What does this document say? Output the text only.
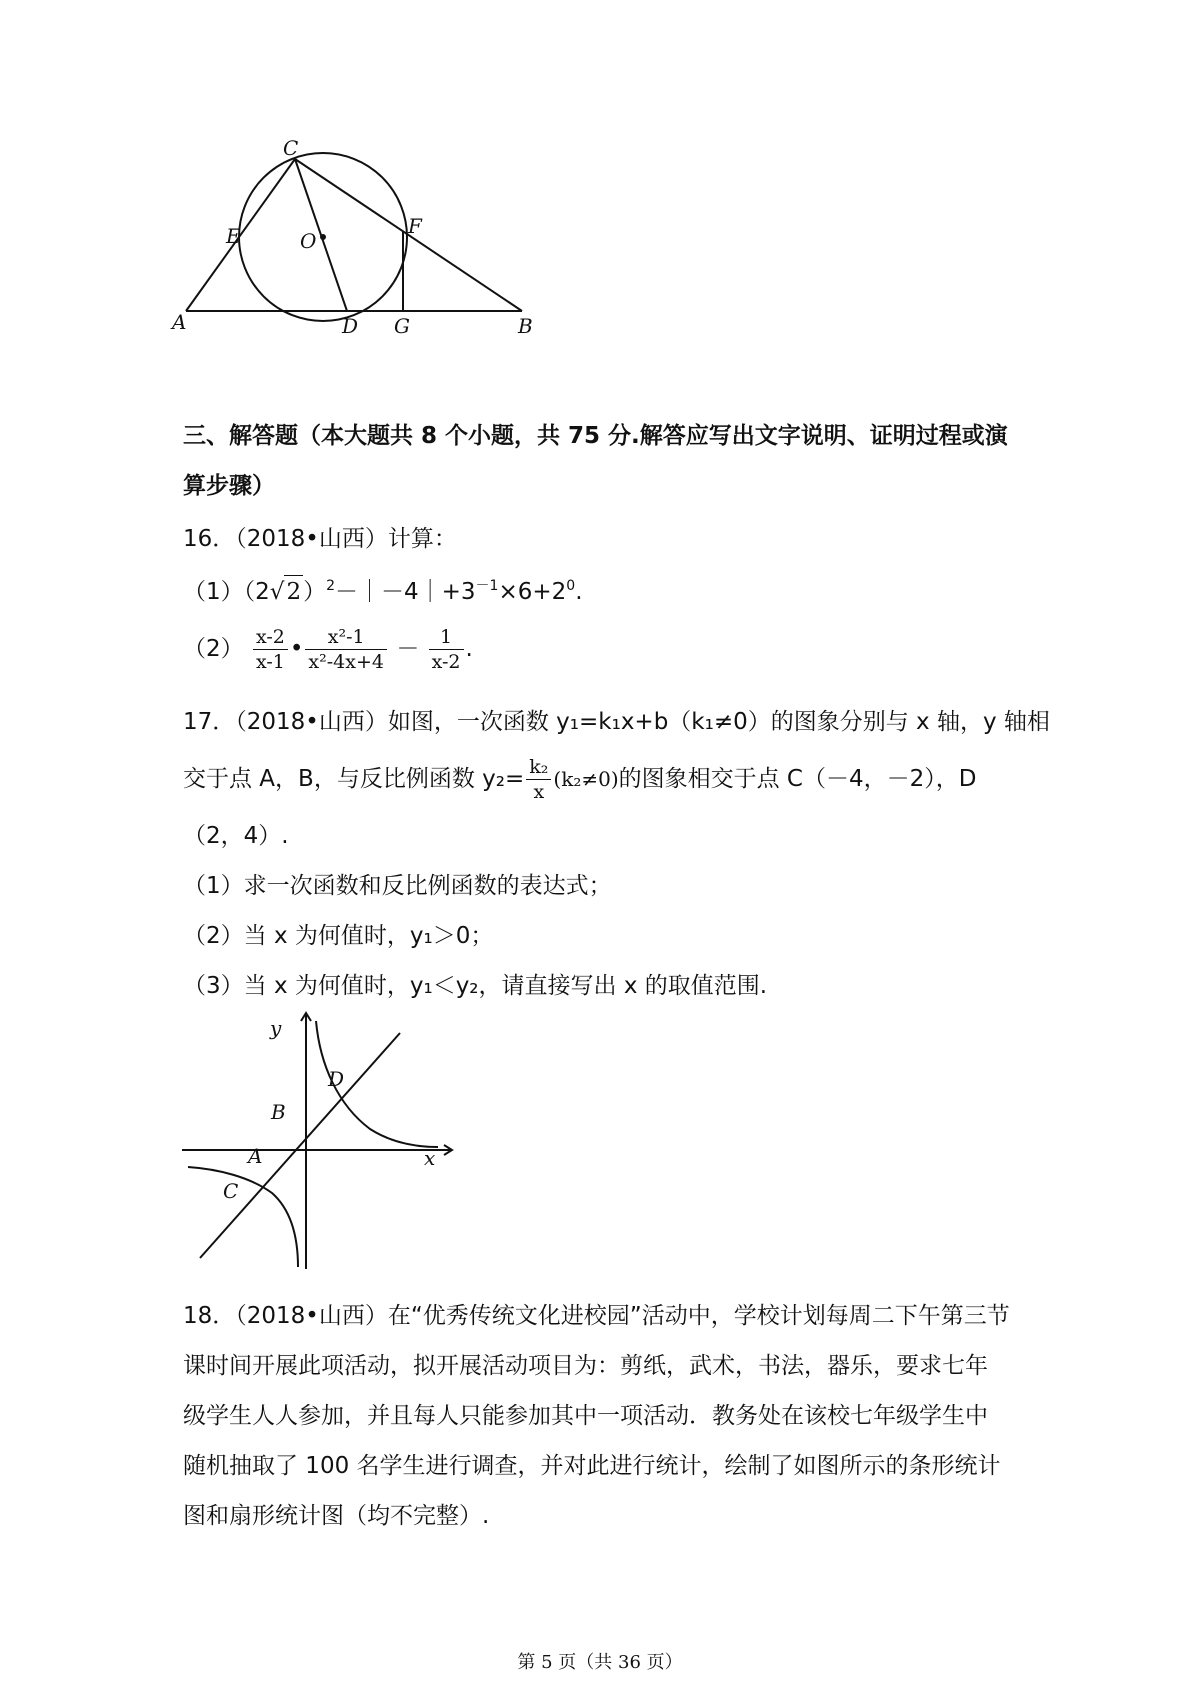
C
E	O
F
A	D G	B
三、解答题（本大题共 8 个小题，共 75 分.解答应写出文字说明、证明过程或演
算步骤）
16．（2018•山西）计算：
$(1)(2√2)^2-|-4|+3^{-1}\times 6+2^0$.
$(2) \frac{x-2}{x-1}$ • $\frac{\text{x²-1}}{\text{x²-4x+4}} - \frac{1}{x-2}$ .
17．（2018•山西）如图，一次函数 y₁=k₁x+b（k₁≠0）的图象分别与 x 轴，y 轴相
交于点 A，B，与反比例函数 $y_2= \frac{\text{k₂}}{x} (k_2\ne 0)$的图象相交于点 C（－4，－2），D
（2，4）.
（1）求一次函数和反比例函数的表达式；
（2）当 x 为何值时，y₁＞0；
（3）当 x 为何值时，y₁＜y₂，请直接写出 x 的取值范围.
y
x
B
D
A
C
18．（2018•山西）在“优秀传统文化进校园”活动中，学校计划每周二下午第三节
课时间开展此项活动，拟开展活动项目为：剪纸，武术，书法，器乐，要求七年
级学生人人参加，并且每人只能参加其中一项活动．教务处在该校七年级学生中
随机抽取了 100 名学生进行调查，并对此进行统计，绘制了如图所示的条形统计
图和扇形统计图（均不完整）.
第 5 页（共 36 页）
